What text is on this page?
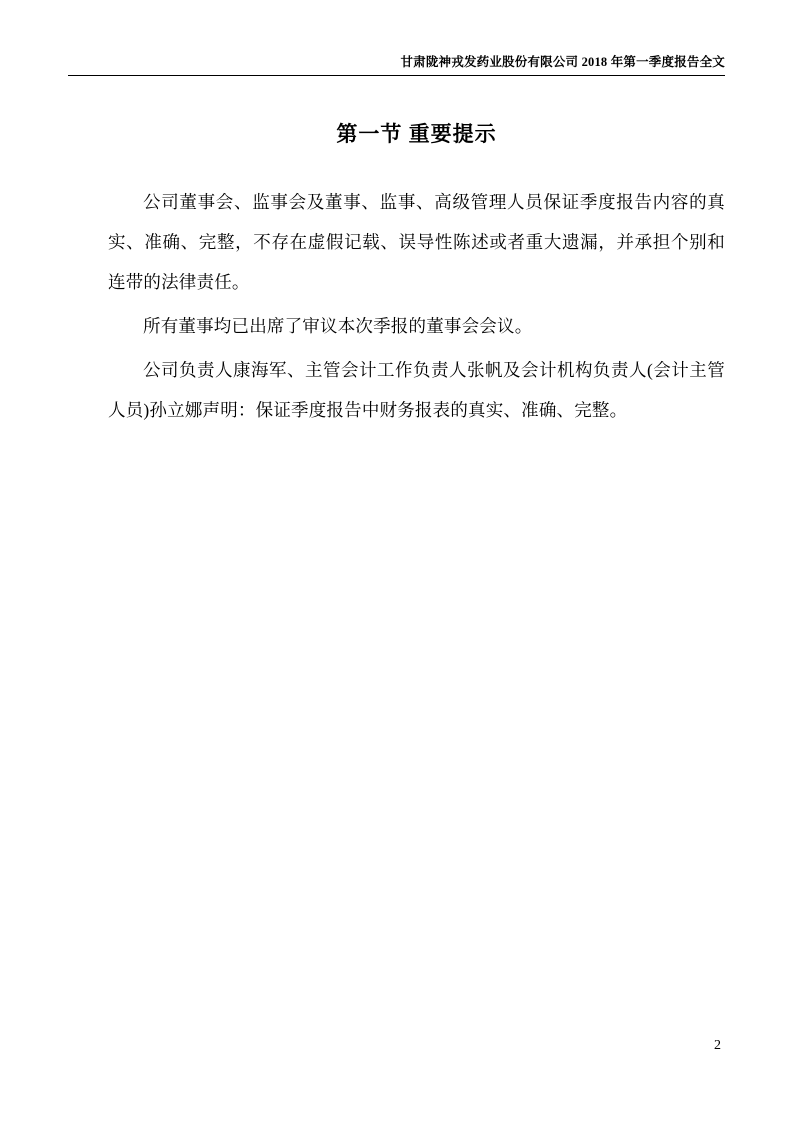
甘肃陇神戎发药业股份有限公司 2018 年第一季度报告全文
第一节 重要提示

公司董事会、监事会及董事、监事、高级管理人员保证季度报告内容的真实、准确、完整，不存在虚假记载、误导性陈述或者重大遗漏，并承担个别和连带的法律责任。

所有董事均已出席了审议本次季报的董事会会议。

公司负责人康海军、主管会计工作负责人张帆及会计机构负责人(会计主管人员)孙立娜声明：保证季度报告中财务报表的真实、准确、完整。

2
